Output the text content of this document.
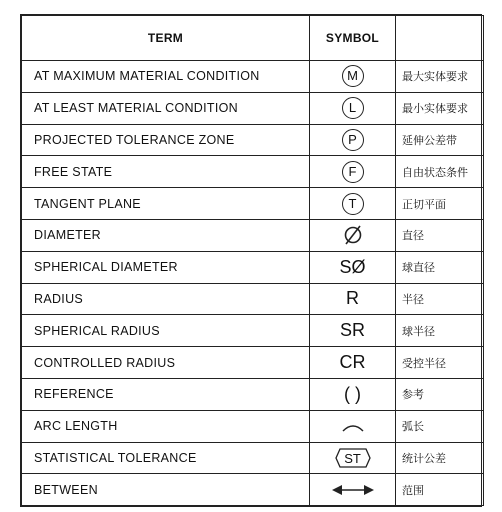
TERM	SYMBOL	
AT MAXIMUM MATERIAL CONDITION	M	最大实体要求
AT LEAST MATERIAL CONDITION	L	最小实体要求
PROJECTED TOLERANCE ZONE	P	延伸公差带
FREE STATE	F	自由状态条件
TANGENT PLANE	T	正切平面
DIAMETER		直径
SPHERICAL DIAMETER	SØ	球直径
RADIUS	R	半径
SPHERICAL RADIUS	SR	球半径
CONTROLLED RADIUS	CR	受控半径
REFERENCE	( )	参考
ARC LENGTH		弧长
STATISTICAL TOLERANCE	ST	统计公差
BETWEEN		范围
